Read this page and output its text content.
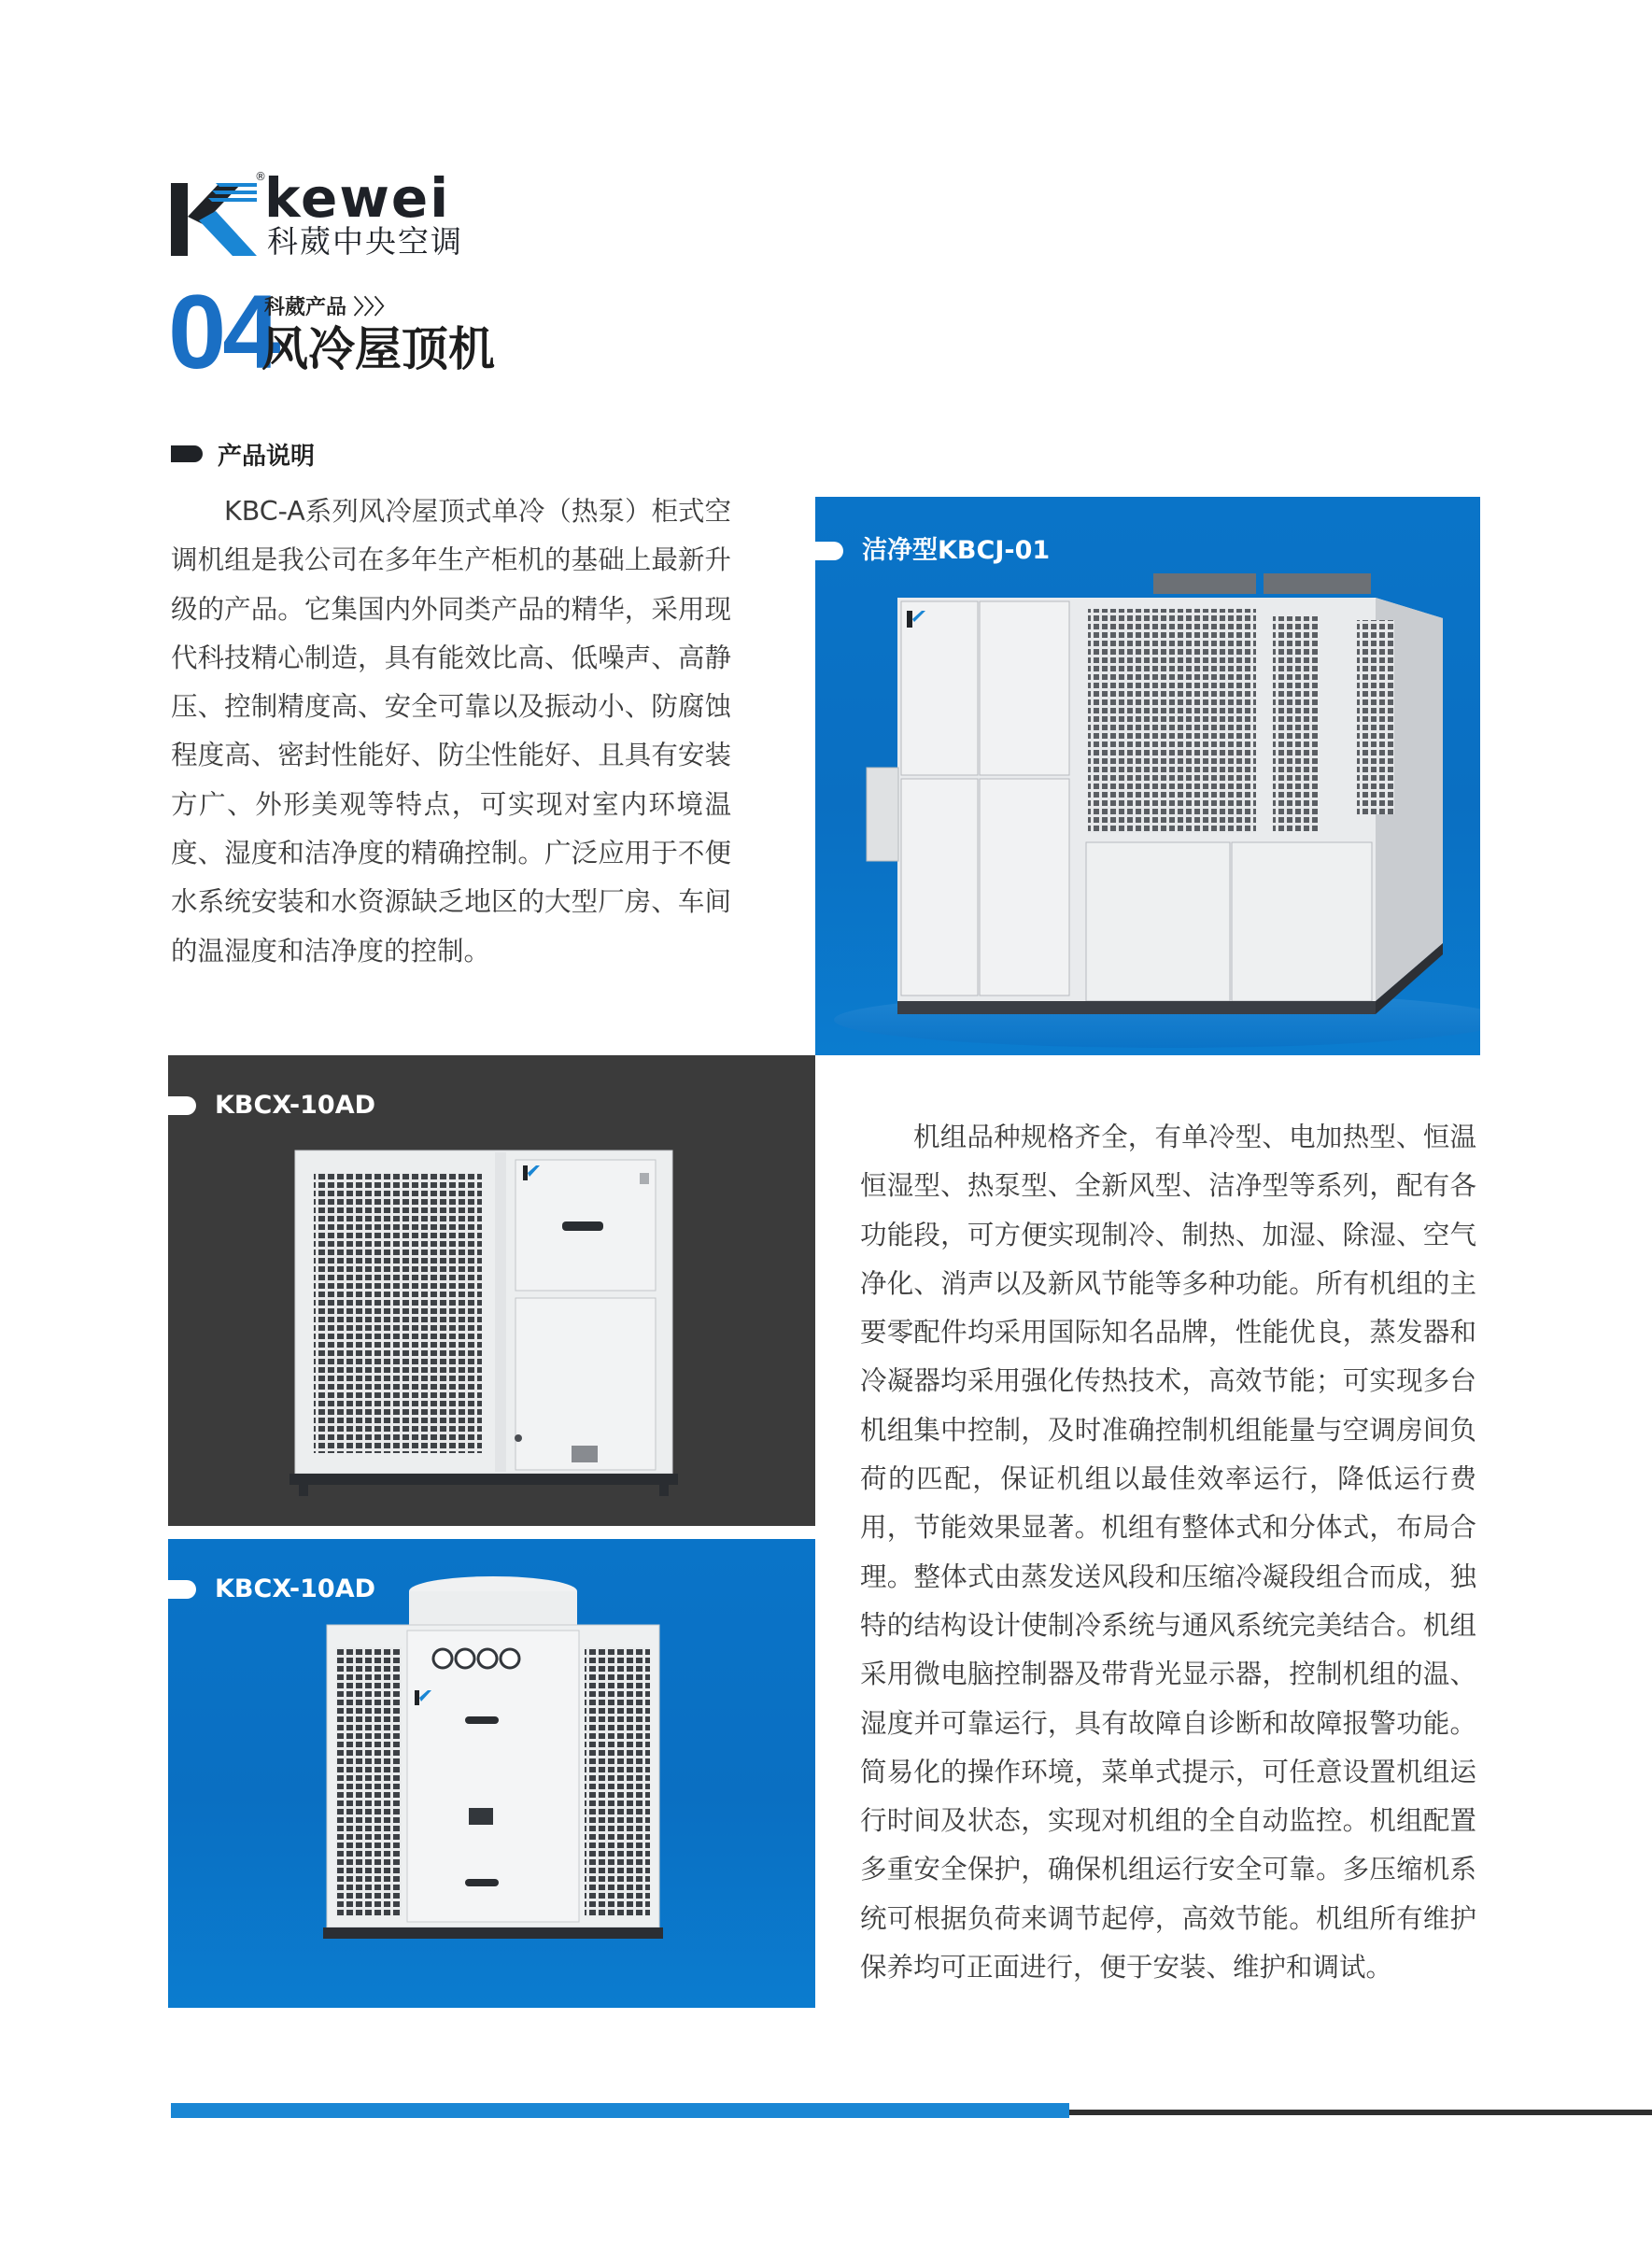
®
kewei
科葳中央空调
04
科葳产品 〉〉〉
风冷屋顶机
产品说明

KBC-A系列风冷屋顶式单冷（热泵）柜式空调机组是我公司在多年生产柜机的基础上最新升级的产品。它集国内外同类产品的精华，采用现代科技精心制造，具有能效比高、低噪声、高静压、控制精度高、安全可靠以及振动小、防腐蚀程度高、密封性能好、防尘性能好、且具有安装方⼴、外形美观等特点，可实现对室内环境温度、湿度和洁净度的精确控制。广泛应用于不便水系统安装和水资源缺乏地区的大型厂房、车间的温湿度和洁净度的控制。

洁净型KBCJ-01
KBCX-10AD
KBCX-10AD

机组品种规格齐全，有单冷型、电加热型、恒温恒湿型、热泵型、全新风型、洁净型等系列，配有各功能段，可方便实现制冷、制热、加湿、除湿、空气净化、消声以及新风节能等多种功能。所有机组的主要零配件均采用国际知名品牌，性能优良，蒸发器和冷凝器均采用强化传热技术，高效节能；可实现多台机组集中控制，及时准确控制机组能量与空调房间负荷的匹配，保证机组以最佳效率运行，降低运行费用，节能效果显著。机组有整体式和分体式，布局合理。整体式由蒸发送风段和压缩冷凝段组合而成，独特的结构设计使制冷系统与通风系统完美结合。机组采用微电脑控制器及带背光显示器，控制机组的温、湿度并可靠运行，具有故障自诊断和故障报警功能。简易化的操作环境，菜单式提示，可任意设置机组运行时间及状态，实现对机组的全自动监控。机组配置多重安全保护，确保机组运行安全可靠。多压缩机系统可根据负荷来调节起停，高效节能。机组所有维护保养均可正面进行，便于安装、维护和调试。
